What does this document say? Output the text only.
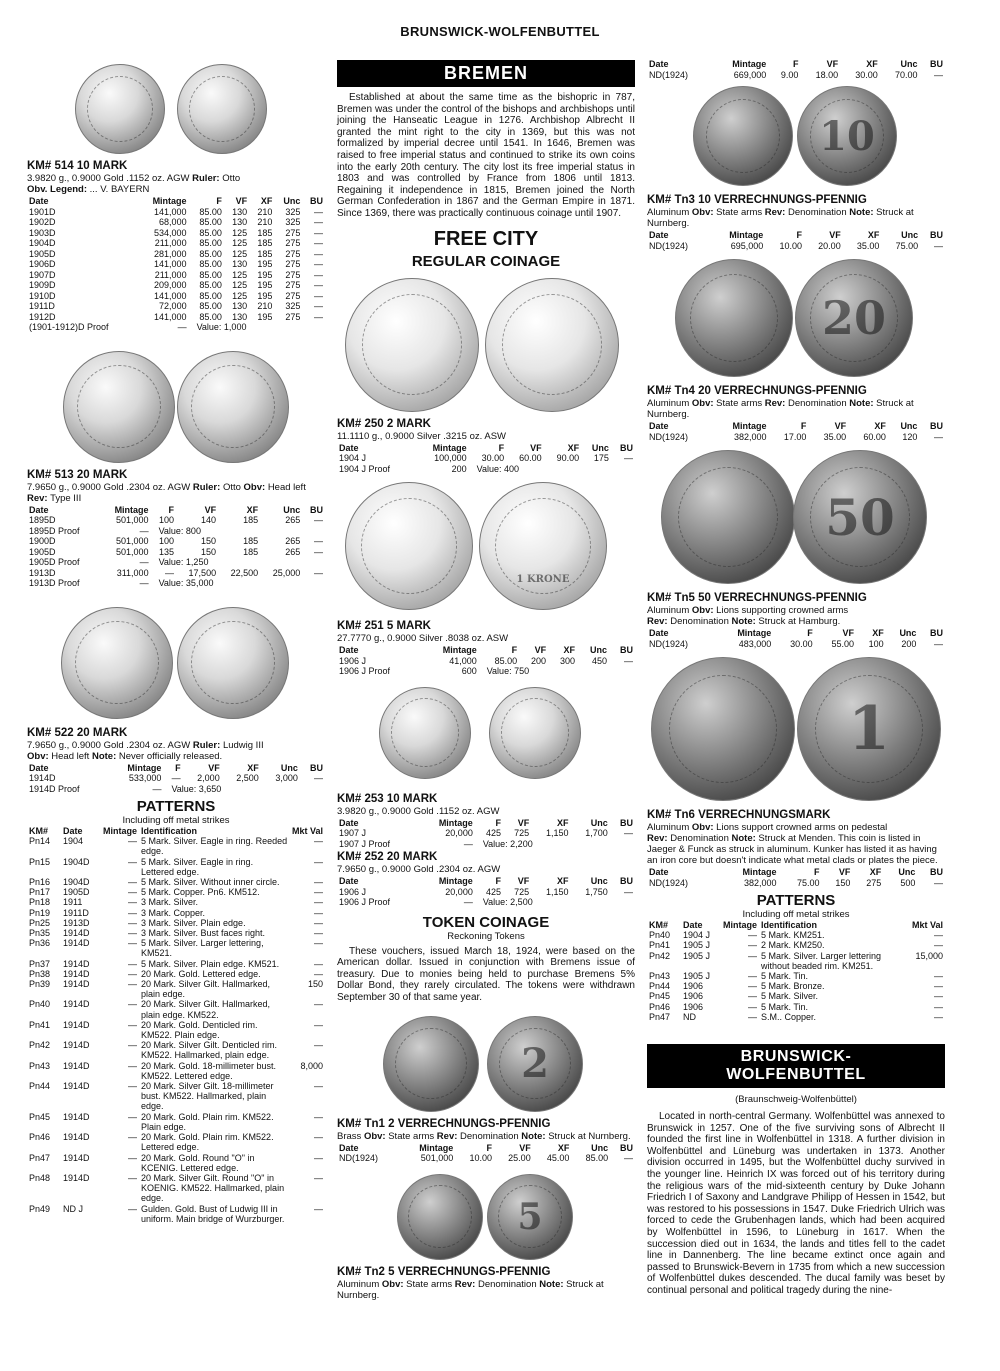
BRUNSWICK-WOLFENBUTTEL
KM# 514 10 MARK
3.9820 g., 0.9000 Gold .1152 oz. AGW Ruler: Otto
Obv. Legend: ... V. BAYERN
Date	Mintage	F	VF	XF	Unc	BU
1901D	141,000	85.00	130	210	325	—
1902D	68,000	85.00	130	210	325	—
1903D	534,000	85.00	125	185	275	—
1904D	211,000	85.00	125	185	275	—
1905D	281,000	85.00	125	185	275	—
1906D	141,000	85.00	130	195	275	—
1907D	211,000	85.00	125	195	275	—
1909D	209,000	85.00	125	195	275	—
1910D	141,000	85.00	125	195	275	—
1911D	72,000	85.00	130	210	325	—
1912D	141,000	85.00	130	195	275	—
(1901-1912)D Proof	—	Value: 1,000				
KM# 513 20 MARK
7.9650 g., 0.9000 Gold .2304 oz. AGW Ruler: Otto Obv: Head left Rev: Type III
Date	Mintage	F	VF	XF	Unc	BU
1895D	501,000	100	140	185	265	—
1895D Proof	—	Value: 800				
1900D	501,000	100	150	185	265	—
1905D	501,000	135	150	185	265	—
1905D Proof	—	Value: 1,250				
1913D	311,000	—	17,500	22,500	25,000	—
1913D Proof	—	Value: 35,000				
KM# 522 20 MARK
7.9650 g., 0.9000 Gold .2304 oz. AGW Ruler: Ludwig III
Obv: Head left Note: Never officially released.
Date	Mintage	F	VF	XF	Unc	BU
1914D	533,000	—	2,000	2,500	3,000	—
1914D Proof	—	Value: 3,650				
PATTERNS
Including off metal strikes
KM#	Date	Mintage	Identification	Mkt Val
Pn14	1904	—	5 Mark. Silver. Eagle in ring. Reeded edge.	—
Pn15	1904D	—	5 Mark. Silver. Eagle in ring. Lettered edge.	—
Pn16	1904D	—	5 Mark. Silver. Without inner circle.	—
Pn17	1905D	—	5 Mark. Copper. Pn6. KM512.	—
Pn18	1911	—	3 Mark. Silver.	—
Pn19	1911D	—	3 Mark. Copper.	—
Pn25	1913D	—	3 Mark. Silver. Plain edge.	—
Pn35	1914D	—	3 Mark. Silver. Bust faces right.	—
Pn36	1914D	—	5 Mark. Silver. Larger lettering, KM521.	—
Pn37	1914D	—	5 Mark. Silver. Plain edge. KM521.	—
Pn38	1914D	—	20 Mark. Gold. Lettered edge.	—
Pn39	1914D	—	20 Mark. Silver Gilt. Hallmarked, plain edge.	150
Pn40	1914D	—	20 Mark. Silver Gilt. Hallmarked, plain edge. KM522.	—
Pn41	1914D	—	20 Mark. Gold. Denticled rim. KM522. Plain edge.	—
Pn42	1914D	—	20 Mark. Silver Gilt. Denticled rim. KM522. Hallmarked, plain edge.	—
Pn43	1914D	—	20 Mark. Gold. 18-millimeter bust. KM522. Lettered edge.	8,000
Pn44	1914D	—	20 Mark. Silver Gilt. 18-millimeter bust. KM522. Hallmarked, plain edge.	—
Pn45	1914D	—	20 Mark. Gold. Plain rim. KM522. Plain edge.	—
Pn46	1914D	—	20 Mark. Gold. Plain rim. KM522. Lettered edge.	—
Pn47	1914D	—	20 Mark. Gold. Round "O" in KCENIG. Lettered edge.	—
Pn48	1914D	—	20 Mark. Silver Gilt. Round "O" in KOENIG. KM522. Hallmarked, plain edge.	—
Pn49	ND J	—	Gulden. Gold. Bust of Ludwig III in uniform. Main bridge of Wurzburger.	—
BREMEN
Established at about the same time as the bishopric in 787, Bremen was under the control of the bishops and archbishops until joining the Hanseatic League in 1276. Archbishop Albrecht II granted the mint right to the city in 1369, but this was not formalized by imperial decree until 1541. In 1646, Bremen was raised to free imperial status and continued to strike its own coins into the early 20th century. The city lost its free imperial status in 1803 and was controlled by France from 1806 until 1813. Regaining it independence in 1815, Bremen joined the North German Confederation in 1867 and the German Empire in 1871. Since 1369, there was practically continuous coinage until 1907.
FREE CITY
REGULAR COINAGE
KM# 250 2 MARK
11.1110 g., 0.9000 Silver .3215 oz. ASW
Date	Mintage	F	VF	XF	Unc	BU
1904 J	100,000	30.00	60.00	90.00	175	—
1904 J Proof	200	Value: 400				
1 KRONE
KM# 251 5 MARK
27.7770 g., 0.9000 Silver .8038 oz. ASW
Date	Mintage	F	VF	XF	Unc	BU
1906 J	41,000	85.00	200	300	450	—
1906 J Proof	600	Value: 750				
KM# 253 10 MARK
3.9820 g., 0.9000 Gold .1152 oz. AGW
Date	Mintage	F	VF	XF	Unc	BU
1907 J	20,000	425	725	1,150	1,700	—
1907 J Proof	—	Value: 2,200				
KM# 252 20 MARK
7.9650 g., 0.9000 Gold .2304 oz. AGW
Date	Mintage	F	VF	XF	Unc	BU
1906 J	20,000	425	725	1,150	1,750	—
1906 J Proof	—	Value: 2,500				
TOKEN COINAGE
Reckoning Tokens
These vouchers, issued March 18, 1924, were based on the American dollar. Issued in conjunction with Bremens issue of treasury. Due to monies being held to purchase Bremens 5% Dollar Bond, they rarely circulated. The tokens were withdrawn September 30 of that same year.
2
KM# Tn1 2 VERRECHNUNGS-PFENNIG
Brass Obv: State arms Rev: Denomination Note: Struck at Nurnberg.
Date	Mintage	F	VF	XF	Unc	BU
ND(1924)	501,000	10.00	25.00	45.00	85.00	—
5
KM# Tn2 5 VERRECHNUNGS-PFENNIG
Aluminum Obv: State arms Rev: Denomination Note: Struck at Nurnberg.
Date	Mintage	F	VF	XF	Unc	BU
ND(1924)	669,000	9.00	18.00	30.00	70.00	—
10
KM# Tn3 10 VERRECHNUNGS-PFENNIG
Aluminum Obv: State arms Rev: Denomination Note: Struck at Nurnberg.
Date	Mintage	F	VF	XF	Unc	BU
ND(1924)	695,000	10.00	20.00	35.00	75.00	—
20
KM# Tn4 20 VERRECHNUNGS-PFENNIG
Aluminum Obv: State arms Rev: Denomination Note: Struck at Nurnberg.
Date	Mintage	F	VF	XF	Unc	BU
ND(1924)	382,000	17.00	35.00	60.00	120	—
50
KM# Tn5 50 VERRECHNUNGS-PFENNIG
Aluminum Obv: Lions supporting crowned arms
Rev: Denomination Note: Struck at Hamburg.
Date	Mintage	F	VF	XF	Unc	BU
ND(1924)	483,000	30.00	55.00	100	200	—
1
KM# Tn6 VERRECHNUNGSMARK
Aluminum Obv: Lions support crowned arms on pedestal
Rev: Denomination Note: Struck at Menden. This coin is listed in Jaeger & Funck as struck in aluminum. Kunker has listed it as having an iron core but doesn't indicate what metal clads or plates the piece.
Date	Mintage	F	VF	XF	Unc	BU
ND(1924)	382,000	75.00	150	275	500	—
PATTERNS
Including off metal strikes
KM#	Date	Mintage	Identification	Mkt Val
Pn40	1904 J	—	5 Mark. KM251.	—
Pn41	1905 J	—	2 Mark. KM250.	—
Pn42	1905 J	—	5 Mark. Silver. Larger lettering without beaded rim. KM251.	15,000
Pn43	1905 J	—	5 Mark. Tin.	—
Pn44	1906	—	5 Mark. Bronze.	—
Pn45	1906	—	5 Mark. Silver.	—
Pn46	1906	—	5 Mark. Tin.	—
Pn47	ND	—	S.M.. Copper.	—
BRUNSWICK-
WOLFENBUTTEL
(Braunschweig-Wolfenbüttel)
Located in north-central Germany. Wolfenbüttel was annexed to Brunswick in 1257. One of the five surviving sons of Albrecht II founded the first line in Wolfenbüttel in 1318. A further division in Wolfenbüttel and Lüneburg was undertaken in 1373. Another division occurred in 1495, but the Wolfenbüttel duchy survived in the younger line. Heinrich IX was forced out of his territory during the religious wars of the mid-sixteenth century by Duke Johann Friedrich I of Saxony and Landgrave Philipp of Hessen in 1542, but was restored to his possessions in 1547. Duke Friedrich Ulrich was forced to cede the Grubenhagen lands, which had been acquired by Wolfenbüttel in 1596, to Lüneburg in 1617. When the succession died out in 1634, the lands and titles fell to the cadet line in Dannenberg. The line became extinct once again and passed to Brunswick-Bevern in 1735 from which a new succession of Wolfenbüttel dukes descended. The ducal family was beset by continual personal and political tragedy during the nine-
